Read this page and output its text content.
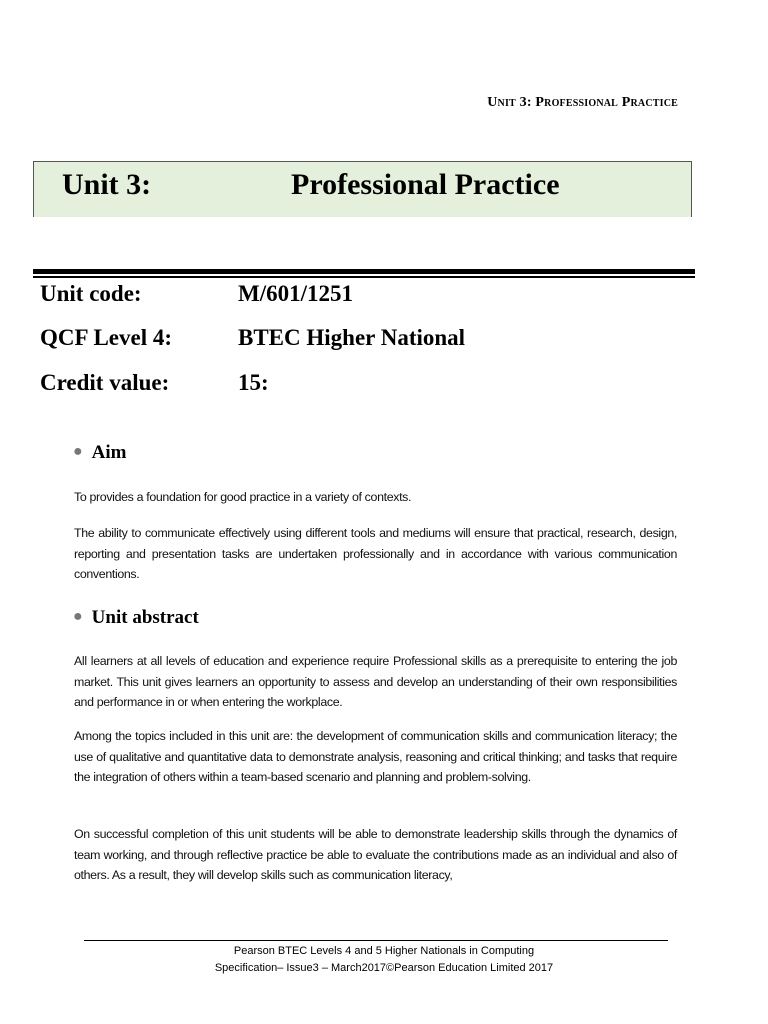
Unit 3: Professional Practice
Unit 3:	Professional Practice
Unit code:	M/601/1251
QCF Level 4:	BTEC Higher National
Credit value:	15:
● Aim
To provides a foundation for good practice in a variety of contexts.
The ability to communicate effectively using different tools and mediums will ensure that practical, research, design, reporting and presentation tasks are undertaken professionally and in accordance with various communication conventions.
● Unit abstract
All learners at all levels of education and experience require Professional skills as a prerequisite to entering the job market. This unit gives learners an opportunity to assess and develop an understanding of their own responsibilities and performance in or when entering the workplace.
Among the topics included in this unit are: the development of communication skills and communication literacy; the use of qualitative and quantitative data to demonstrate analysis, reasoning and critical thinking; and tasks that require the integration of others within a team-based scenario and planning and problem-solving.
On successful completion of this unit students will be able to demonstrate leadership skills through the dynamics of team working, and through reflective practice be able to evaluate the contributions made as an individual and also of others. As a result, they will develop skills such as communication literacy,
Pearson BTEC Levels 4 and 5 Higher Nationals in Computing
Specification– Issue3 – March2017©Pearson Education Limited 2017
